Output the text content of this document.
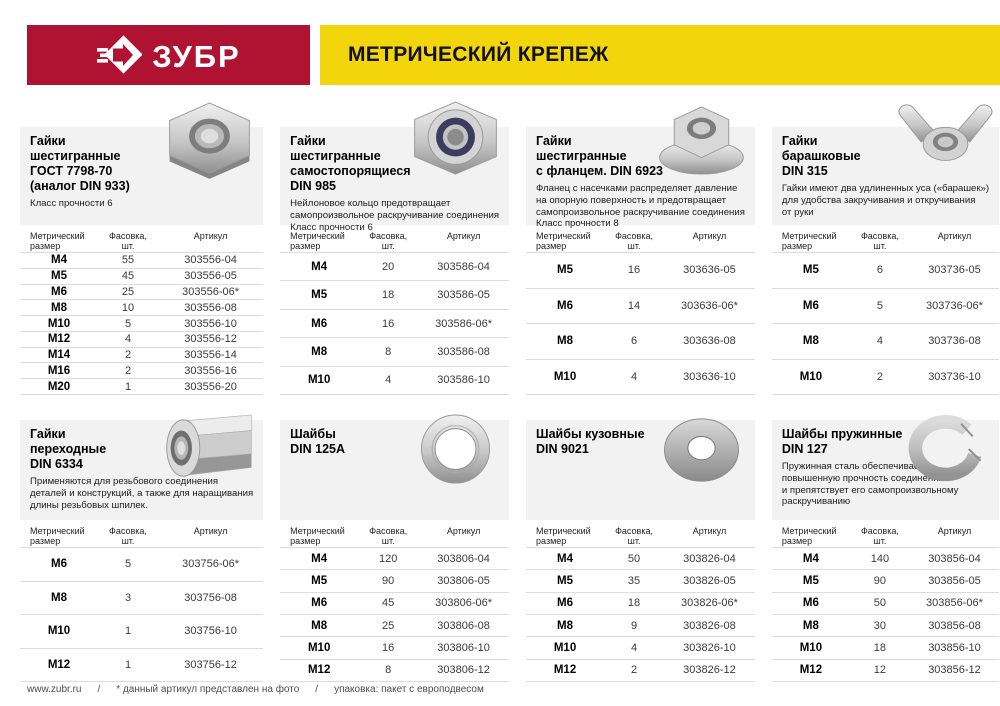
ЗУБР	МЕТРИЧЕСКИЙ КРЕПЕЖ
Гайки
шестигранные
ГОСТ 7798-70
(аналог DIN 933)
Класс прочности 6
Метрический размер
Фасовка,
шт.
Артикул
M4	55	303556-04
M5	45	303556-05
M6	25	303556-06*
M8	10	303556-08
M10	5	303556-10
M12	4	303556-12
M14	2	303556-14
M16	2	303556-16
M20	1	303556-20
Гайки
шестигранные
самостопорящиеся
DIN 985
Нейлоновое кольцо предотвращает
самопроизвольное раскручивание соединения
Класс прочности 6
Метрический размер
Фасовка,
шт.
Артикул
M4	20	303586-04
M5	18	303586-05
M6	16	303586-06*
M8	8	303586-08
M10	4	303586-10
Гайки
шестигранные
с фланцем. DIN 6923
Фланец с насечками распределяет давление
на опорную поверхность и предотвращает
самопроизвольное раскручивание соединения
Класс прочности 8
Метрический размер
Фасовка,
шт.
Артикул
M5	16	303636-05
M6	14	303636-06*
M8	6	303636-08
M10	4	303636-10
Гайки
барашковые
DIN 315
Гайки имеют два удлиненных уса («барашек»)
для удобства закручивания и откручивания
от руки
Метрический размер
Фасовка,
шт.
Артикул
M5	6	303736-05
M6	5	303736-06*
M8	4	303736-08
M10	2	303736-10
Гайки
переходные
DIN 6334
Применяются для резьбового соединения
деталей и конструкций, а также для наращивания
длины резьбовых шпилек.
Метрический размер
Фасовка,
шт.
Артикул
M6	5	303756-06*
M8	3	303756-08
M10	1	303756-10
M12	1	303756-12
Шайбы
DIN 125A
Метрический размер
Фасовка,
шт.
Артикул
M4	120	303806-04
M5	90	303806-05
M6	45	303806-06*
M8	25	303806-08
M10	16	303806-10
M12	8	303806-12
Шайбы кузовные
DIN 9021
Метрический размер
Фасовка,
шт.
Артикул
M4	50	303826-04
M5	35	303826-05
M6	18	303826-06*
M8	9	303826-08
M10	4	303826-10
M12	2	303826-12
Шайбы пружинные
DIN 127
Пружинная сталь обеспечивает
повышенную прочность соединения
и препятствует его самопроизвольному
раскручиванию
Метрический размер
Фасовка,
шт.
Артикул
M4	140	303856-04
M5	90	303856-05
M6	50	303856-06*
M8	30	303856-08
M10	18	303856-10
M12	12	303856-12
www.zubr.ru / * данный артикул представлен на фото / упаковка: пакет с европодвесом
